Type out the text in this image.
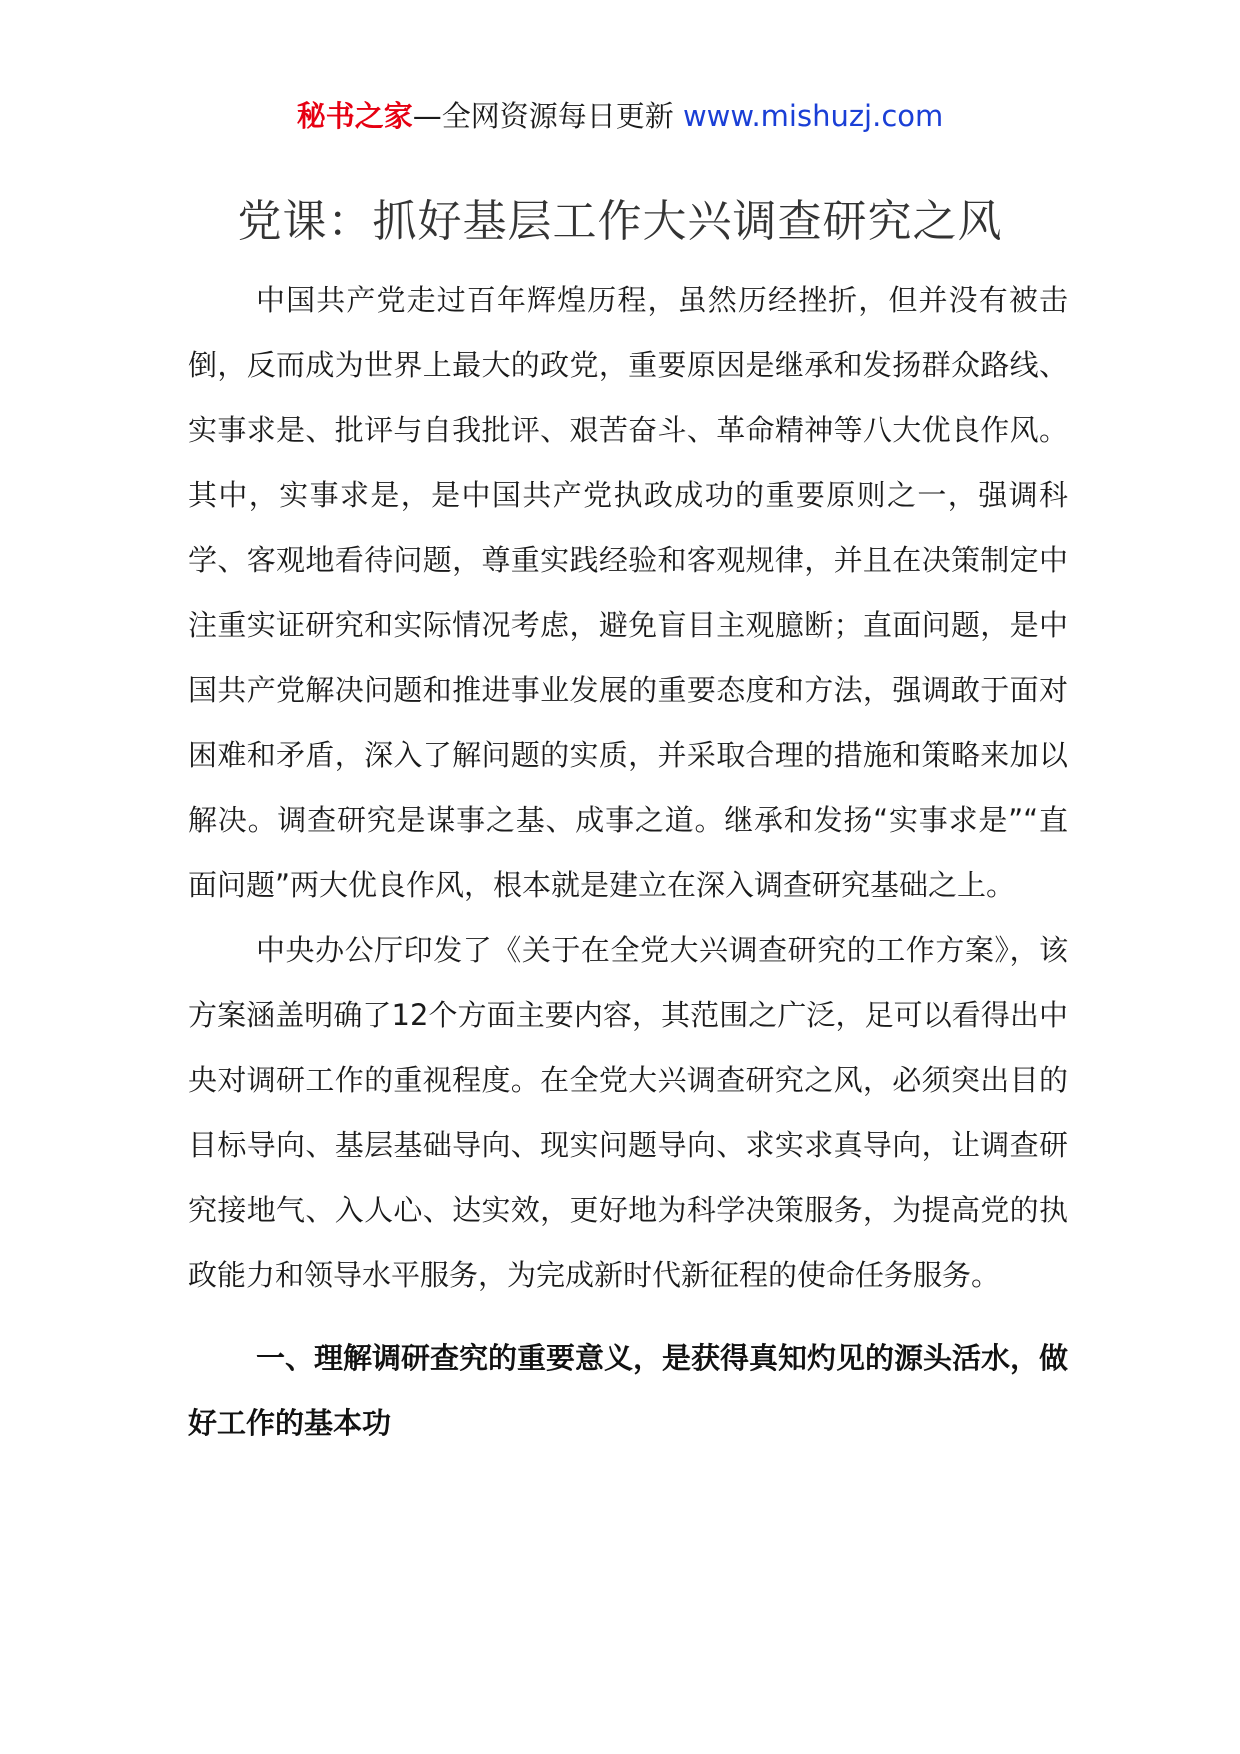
秘书之家—全网资源每日更新 www.mishuzj.com
党课：抓好基层工作大兴调查研究之风

中国共产党走过百年辉煌历程，虽然历经挫折，但并没有被击倒，反而成为世界上最大的政党，重要原因是继承和发扬群众路线、实事求是、批评与自我批评、艰苦奋斗、革命精神等八大优良作风。其中，实事求是，是中国共产党执政成功的重要原则之一，强调科学、客观地看待问题，尊重实践经验和客观规律，并且在决策制定中注重实证研究和实际情况考虑，避免盲目主观臆断；直面问题，是中国共产党解决问题和推进事业发展的重要态度和方法，强调敢于面对困难和矛盾，深入了解问题的实质，并采取合理的措施和策略来加以解决。调查研究是谋事之基、成事之道。继承和发扬“实事求是”“直面问题”两大优良作风，根本就是建立在深入调查研究基础之上。

中央办公厅印发了《关于在全党大兴调查研究的工作方案》，该方案涵盖明确了12个方面主要内容，其范围之广泛，足可以看得出中央对调研工作的重视程度。在全党大兴调查研究之风，必须突出目的目标导向、基层基础导向、现实问题导向、求实求真导向，让调查研究接地气、入人心、达实效，更好地为科学决策服务，为提高党的执政能力和领导水平服务，为完成新时代新征程的使命任务服务。

一、理解调研查究的重要意义，是获得真知灼见的源头活水，做好工作的基本功
